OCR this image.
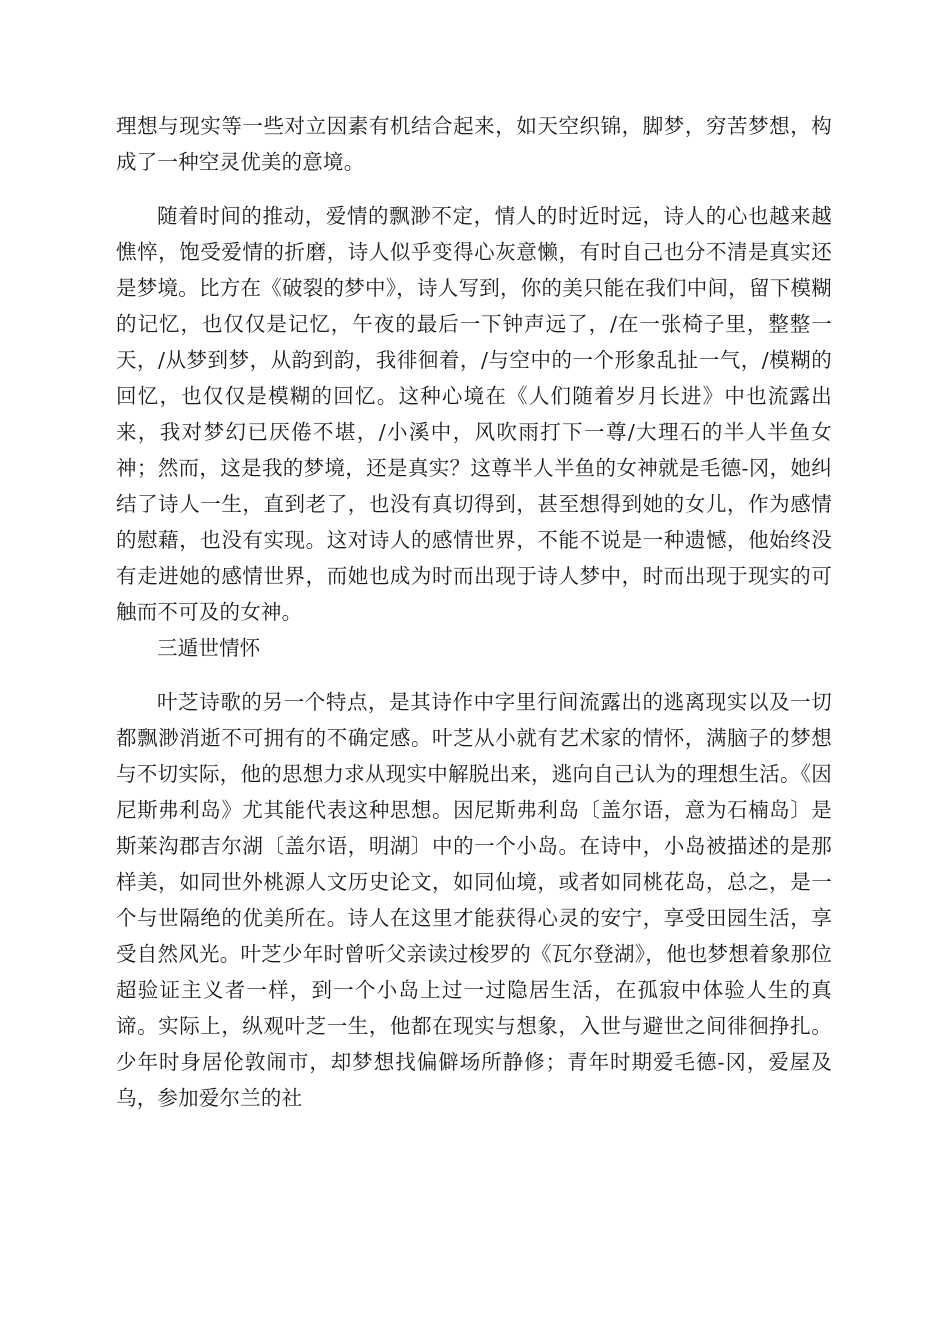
理想与现实等一些对立因素有机结合起来，如天空织锦，脚梦，穷苦梦想，构成了一种空灵优美的意境。

随着时间的推动，爱情的飘渺不定，情人的时近时远，诗人的心也越来越憔悴，饱受爱情的折磨，诗人似乎变得心灰意懒，有时自己也分不清是真实还是梦境。比方在《破裂的梦中》，诗人写到，你的美只能在我们中间，留下模糊的记忆，也仅仅是记忆，午夜的最后一下钟声远了，/在一张椅子里，整整一天，/从梦到梦，从韵到韵，我徘徊着，/与空中的一个形象乱扯一气，/模糊的回忆，也仅仅是模糊的回忆。这种心境在《人们随着岁月长进》中也流露出来，我对梦幻已厌倦不堪，/小溪中，风吹雨打下一尊/大理石的半人半鱼女神；然而，这是我的梦境，还是真实？这尊半人半鱼的女神就是毛德-冈，她纠结了诗人一生，直到老了，也没有真切得到，甚至想得到她的女儿，作为感情的慰藉，也没有实现。这对诗人的感情世界，不能不说是一种遗憾，他始终没有走进她的感情世界，而她也成为时而出现于诗人梦中，时而出现于现实的可触而不可及的女神。

三遁世情怀

叶芝诗歌的另一个特点，是其诗作中字里行间流露出的逃离现实以及一切都飘渺消逝不可拥有的不确定感。叶芝从小就有艺术家的情怀，满脑子的梦想与不切实际，他的思想力求从现实中解脱出来，逃向自己认为的理想生活。《因尼斯弗利岛》尤其能代表这种思想。因尼斯弗利岛〔盖尔语，意为石楠岛〕是斯莱沟郡吉尔湖〔盖尔语，明湖〕中的一个小岛。在诗中，小岛被描述的是那样美，如同世外桃源人文历史论文，如同仙境，或者如同桃花岛，总之，是一个与世隔绝的优美所在。诗人在这里才能获得心灵的安宁，享受田园生活，享受自然风光。叶芝少年时曾听父亲读过梭罗的《瓦尔登湖》，他也梦想着象那位超验证主义者一样，到一个小岛上过一过隐居生活，在孤寂中体验人生的真谛。实际上，纵观叶芝一生，他都在现实与想象，入世与避世之间徘徊挣扎。少年时身居伦敦闹市，却梦想找偏僻场所静修；青年时期爱毛德-冈，爱屋及乌，参加爱尔兰的社
